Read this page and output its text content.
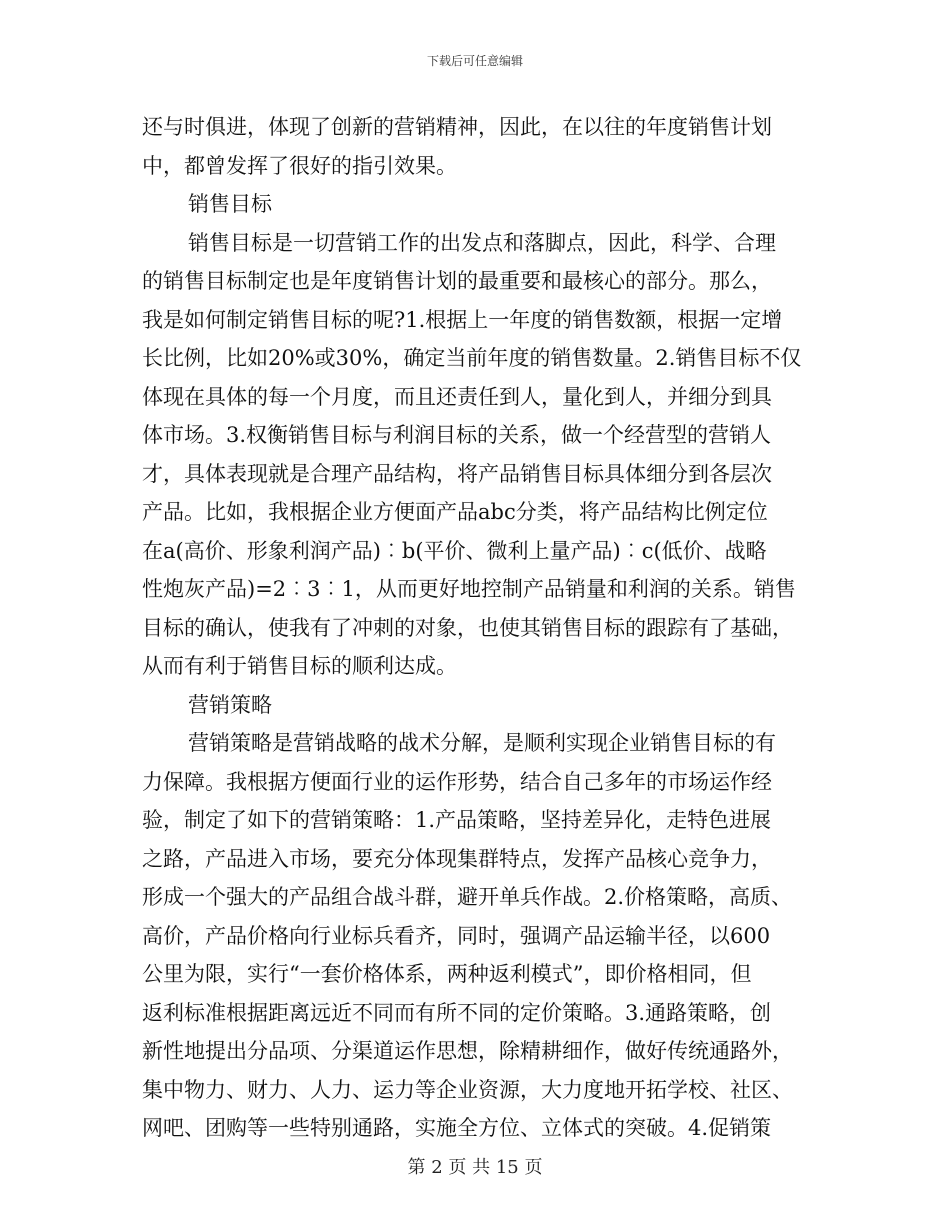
下载后可任意编辑
还与时俱进，体现了创新的营销精神，因此，在以往的年度销售计划
中，都曾发挥了很好的指引效果。
销售目标
销售目标是一切营销工作的出发点和落脚点，因此，科学、合理
的销售目标制定也是年度销售计划的最重要和最核心的部分。那么，
我是如何制定销售目标的呢?1.根据上一年度的销售数额，根据一定增
长比例，比如20%或30%，确定当前年度的销售数量。2.销售目标不仅
体现在具体的每一个月度，而且还责任到人，量化到人，并细分到具
体市场。3.权衡销售目标与利润目标的关系，做一个经营型的营销人
才，具体表现就是合理产品结构，将产品销售目标具体细分到各层次
产品。比如，我根据企业方便面产品abc分类，将产品结构比例定位
在a(高价、形象利润产品)︰b(平价、微利上量产品)︰c(低价、战略
性炮灰产品)=2︰3︰1，从而更好地控制产品销量和利润的关系。销售
目标的确认，使我有了冲刺的对象，也使其销售目标的跟踪有了基础，
从而有利于销售目标的顺利达成。
营销策略
营销策略是营销战略的战术分解，是顺利实现企业销售目标的有
力保障。我根据方便面行业的运作形势，结合自己多年的市场运作经
验，制定了如下的营销策略：1.产品策略，坚持差异化，走特色进展
之路，产品进入市场，要充分体现集群特点，发挥产品核心竞争力，
形成一个强大的产品组合战斗群，避开单兵作战。2.价格策略，高质、
高价，产品价格向行业标兵看齐，同时，强调产品运输半径，以600
公里为限，实行“一套价格体系，两种返利模式”，即价格相同，但
返利标准根据距离远近不同而有所不同的定价策略。3.通路策略，创
新性地提出分品项、分渠道运作思想，除精耕细作，做好传统通路外，
集中物力、财力、人力、运力等企业资源，大力度地开拓学校、社区、
网吧、团购等一些特别通路，实施全方位、立体式的突破。4.促销策
第 2 页 共 15 页
